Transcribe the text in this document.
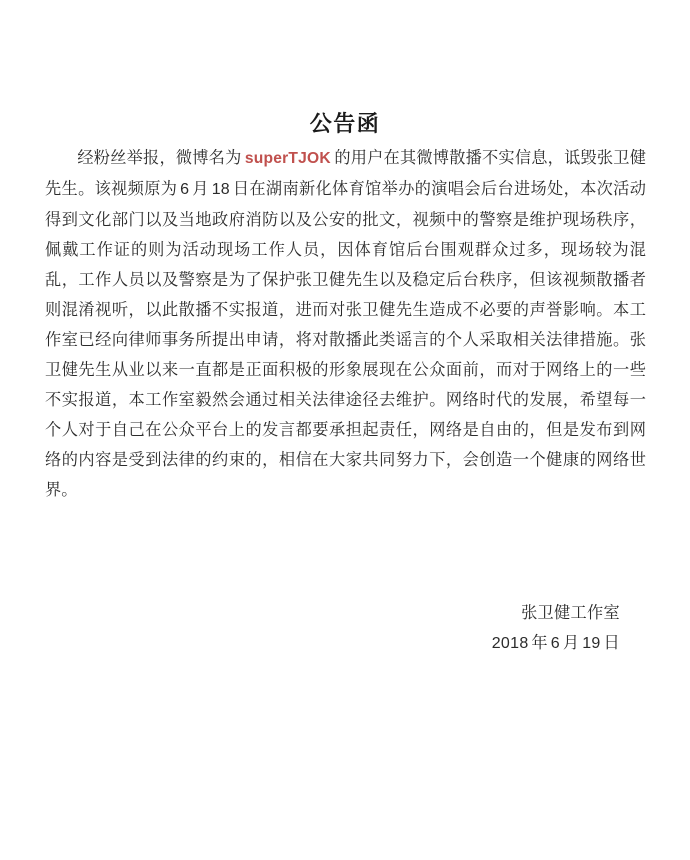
公告函

经粉丝举报，微博名为 superTJOK 的用户在其微博散播不实信息，诋毁张卫健先生。该视频原为 6 月 18 日在湖南新化体育馆举办的演唱会后台进场处，本次活动得到文化部门以及当地政府消防以及公安的批文，视频中的警察是维护现场秩序，佩戴工作证的则为活动现场工作人员，因体育馆后台围观群众过多，现场较为混乱，工作人员以及警察是为了保护张卫健先生以及稳定后台秩序，但该视频散播者则混淆视听，以此散播不实报道，进而对张卫健先生造成不必要的声誉影响。本工作室已经向律师事务所提出申请，将对散播此类谣言的个人采取相关法律措施。张卫健先生从业以来一直都是正面积极的形象展现在公众面前，而对于网络上的一些不实报道，本工作室毅然会通过相关法律途径去维护。网络时代的发展，希望每一个人对于自己在公众平台上的发言都要承担起责任，网络是自由的，但是发布到网络的内容是受到法律的约束的，相信在大家共同努力下，会创造一个健康的网络世界。

张卫健工作室
2018 年 6 月 19 日
